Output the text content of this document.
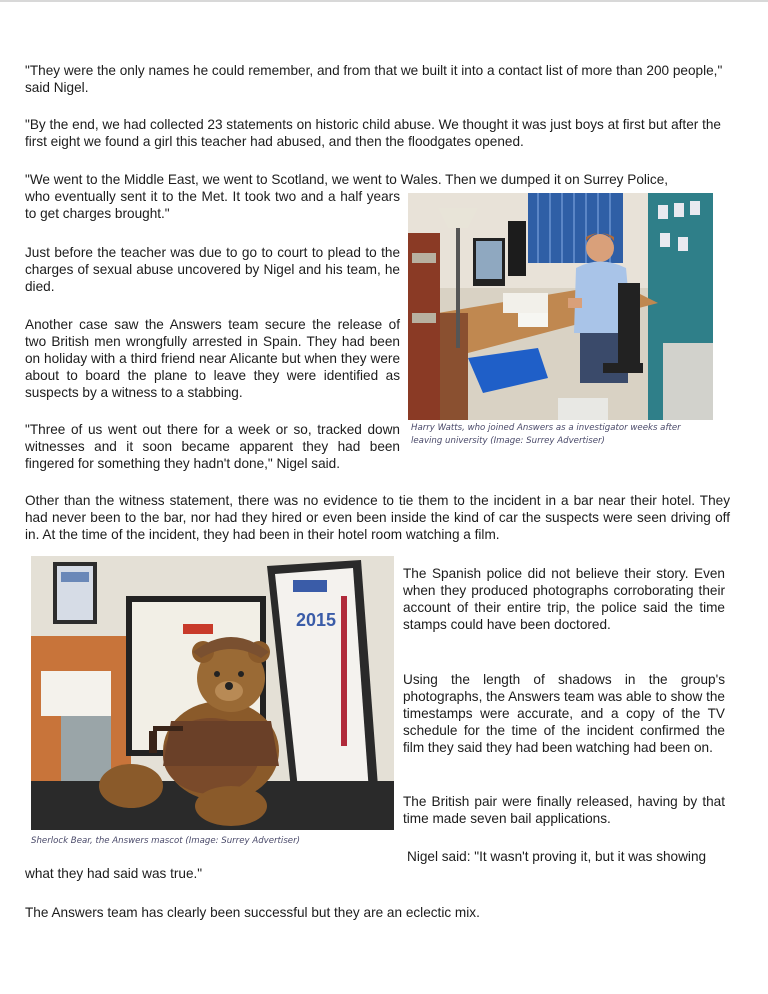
"They were the only names he could remember, and from that we built it into a contact list of more than 200 people," said Nigel.

"By the end, we had collected 23 statements on historic child abuse. We thought it was just boys at first but after the first eight we found a girl this teacher had abused, and then the floodgates opened.

"We went to the Middle East, we went to Scotland, we went to Wales. Then we dumped it on Surrey Police,

who eventually sent it to the Met. It took two and a half years to get charges brought."

Just before the teacher was due to go to court to plead to the charges of sexual abuse uncovered by Nigel and his team, he died.

Another case saw the Answers team secure the release of two British men wrongfully arrested in Spain. They had been on holiday with a third friend near Alicante but when they were about to board the plane to leave they were identified as suspects by a witness to a stabbing.

"Three of us went out there for a week or so, tracked down witnesses and it soon became apparent they had been fingered for something they hadn't done," Nigel said.

Harry Watts, who joined Answers as a investigator weeks after leaving university (Image: Surrey Advertiser)

Other than the witness statement, there was no evidence to tie them to the incident in a bar near their hotel. They had never been to the bar, nor had they hired or even been inside the kind of car the suspects were seen driving off in. At the time of the incident, they had been in their hotel room watching a film.

2015

Sherlock Bear, the Answers mascot (Image: Surrey Advertiser)

The Spanish police did not believe their story. Even when they produced photographs corroborating their account of their entire trip, the police said the time stamps could have been doctored.

Using the length of shadows in the group's photographs, the Answers team was able to show the timestamps were accurate, and a copy of the TV schedule for the time of the incident confirmed the film they said they had been watching had been on.

The British pair were finally released, having by that time made seven bail applications.

Nigel said: "It wasn't proving it, but it was showing

what they had said was true."

The Answers team has clearly been successful but they are an eclectic mix.
